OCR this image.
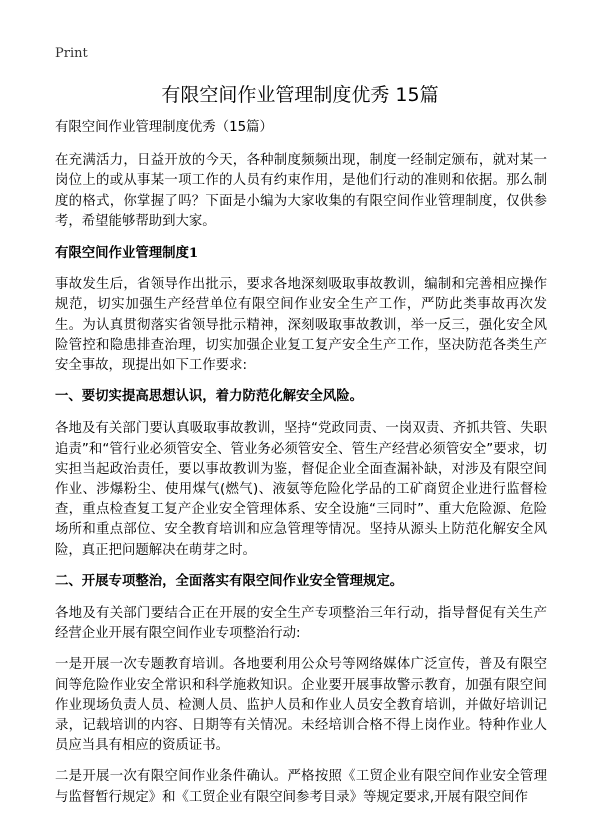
Print
有限空间作业管理制度优秀 15篇

有限空间作业管理制度优秀（15篇）

在充满活力，日益开放的今天，各种制度频频出现，制度一经制定颁布，就对某一岗位上的或从事某一项工作的人员有约束作用，是他们行动的准则和依据。那么制度的格式，你掌握了吗？下面是小编为大家收集的有限空间作业管理制度，仅供参考，希望能够帮助到大家。

有限空间作业管理制度1

事故发生后，省领导作出批示，要求各地深刻吸取事故教训，编制和完善相应操作规范，切实加强生产经营单位有限空间作业安全生产工作，严防此类事故再次发生。为认真贯彻落实省领导批示精神，深刻吸取事故教训，举一反三，强化安全风险管控和隐患排查治理，切实加强企业复工复产安全生产工作，坚决防范各类生产安全事故，现提出如下工作要求:

一、要切实提高思想认识，着力防范化解安全风险。

各地及有关部门要认真吸取事故教训，坚持“党政同责、一岗双责、齐抓共管、失职追责”和“管行业必须管安全、管业务必须管安全、管生产经营必须管安全”要求，切实担当起政治责任，要以事故教训为鉴，督促企业全面查漏补缺，对涉及有限空间作业、涉爆粉尘、使用煤气(燃气)、液氨等危险化学品的工矿商贸企业进行监督检查，重点检查复工复产企业安全管理体系、安全设施“三同时”、重大危险源、危险场所和重点部位、安全教育培训和应急管理等情况。坚持从源头上防范化解安全风险，真正把问题解决在萌芽之时。

二、开展专项整治，全面落实有限空间作业安全管理规定。

各地及有关部门要结合正在开展的安全生产专项整治三年行动，指导督促有关生产经营企业开展有限空间作业专项整治行动:

一是开展一次专题教育培训。各地要利用公众号等网络媒体广泛宣传，普及有限空间等危险作业安全常识和科学施救知识。企业要开展事故警示教育，加强有限空间作业现场负责人员、检测人员、监护人员和作业人员安全教育培训，并做好培训记录，记载培训的内容、日期等有关情况。未经培训合格不得上岗作业。特种作业人员应当具有相应的资质证书。

二是开展一次有限空间作业条件确认。严格按照《工贸企业有限空间作业安全管理与监督暂行规定》和《工贸企业有限空间参考目录》等规定要求,开展有限空间作
